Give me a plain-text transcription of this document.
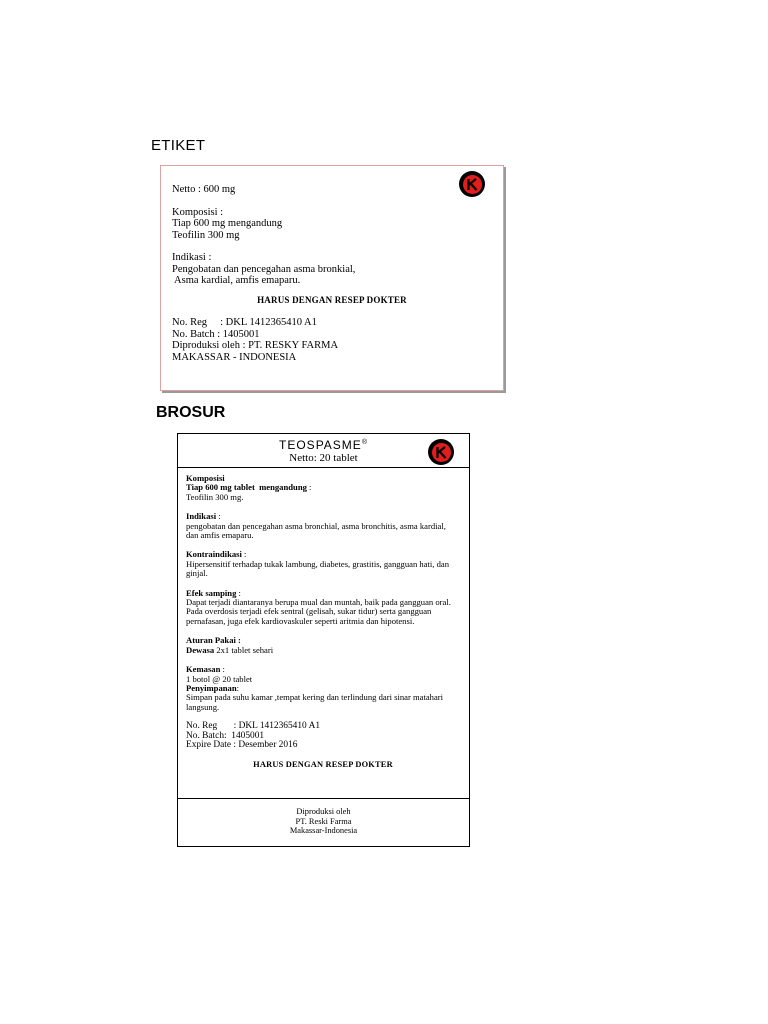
ETIKET
Netto : 600 mg
Komposisi :
Tiap 600 mg mengandung
Teofilin 300 mg
Indikasi :
Pengobatan dan pencegahan asma bronkial,
Asma kardial, amfis emaparu.
HARUS DENGAN RESEP DOKTER
No. Reg     : DKL 1412365410 A1
No. Batch : 1405001
Diproduksi oleh : PT. RESKY FARMA
MAKASSAR - INDONESIA
BROSUR
TEOSPASME®
Netto: 20 tablet
Komposisi
Tiap 600 mg tablet  mengandung :
Teofilin 300 mg.
Indikasi :
pengobatan dan pencegahan asma bronchial, asma bronchitis, asma kardial, dan amfis emaparu.
Kontraindikasi :
Hipersensitif terhadap tukak lambung, diabetes, grastitis, gangguan hati, dan ginjal.
Efek samping :
Dapat terjadi diantaranya berupa mual dan muntah, baik pada gangguan oral. Pada overdosis terjadi efek sentral (gelisah, sukar tidur) serta gangguan pernafasan, juga efek kardiovaskuler seperti aritmia dan hipotensi.
Aturan Pakai :
Dewasa 2x1 tablet sehari
Kemasan :
1 botol @ 20 tablet
Penyimpanan:
Simpan pada suhu kamar ,tempat kering dan terlindung dari sinar matahari langsung.
No. Reg       : DKL 1412365410 A1
No. Batch:  1405001
Expire Date : Desember 2016
HARUS DENGAN RESEP DOKTER
Diproduksi oleh
PT. Reski Farma
Makassar-Indonesia
